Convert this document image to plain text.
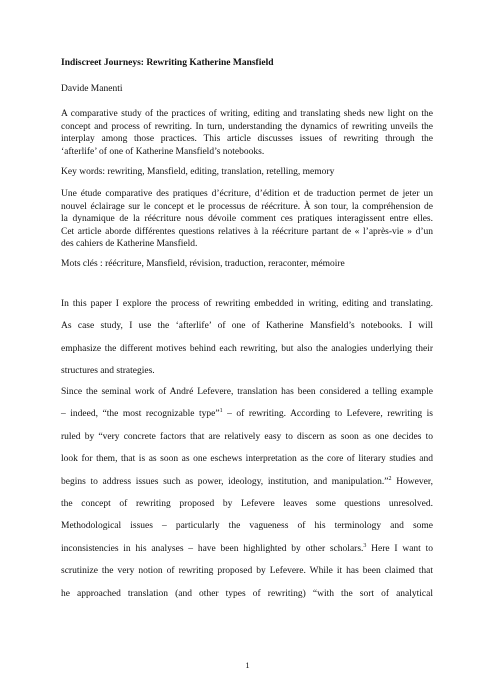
Indiscreet Journeys: Rewriting Katherine Mansfield
Davide Manenti
A comparative study of the practices of writing, editing and translating sheds new light on the
concept and process of rewriting. In turn, understanding the dynamics of rewriting unveils the
interplay among those practices. This article discusses issues of rewriting through the
‘afterlife’ of one of Katherine Mansfield’s notebooks.
Key words: rewriting, Mansfield, editing, translation, retelling, memory
Une étude comparative des pratiques d’écriture, d’édition et de traduction permet de jeter un
nouvel éclairage sur le concept et le processus de réécriture. À son tour, la compréhension de
la dynamique de la réécriture nous dévoile comment ces pratiques interagissent entre elles.
Cet article aborde différentes questions relatives à la réécriture partant de « l’après-vie » d’un
des cahiers de Katherine Mansfield.
Mots clés : réécriture, Mansfield, révision, traduction, reraconter, mémoire
In this paper I explore the process of rewriting embedded in writing, editing and translating.
As case study, I use the ‘afterlife’ of one of Katherine Mansfield’s notebooks. I will
emphasize the different motives behind each rewriting, but also the analogies underlying their
structures and strategies.
Since the seminal work of André Lefevere, translation has been considered a telling example
– indeed, “the most recognizable type”$^1$ – of rewriting. According to Lefevere, rewriting is
ruled by “very concrete factors that are relatively easy to discern as soon as one decides to
look for them, that is as soon as one eschews interpretation as the core of literary studies and
begins to address issues such as power, ideology, institution, and manipulation.”$^2$ However,
the concept of rewriting proposed by Lefevere leaves some questions unresolved.
Methodological issues – particularly the vagueness of his terminology and some
inconsistencies in his analyses – have been highlighted by other scholars.$^3$ Here I want to
scrutinize the very notion of rewriting proposed by Lefevere. While it has been claimed that
he approached translation (and other types of rewriting) “with the sort of analytical
1
